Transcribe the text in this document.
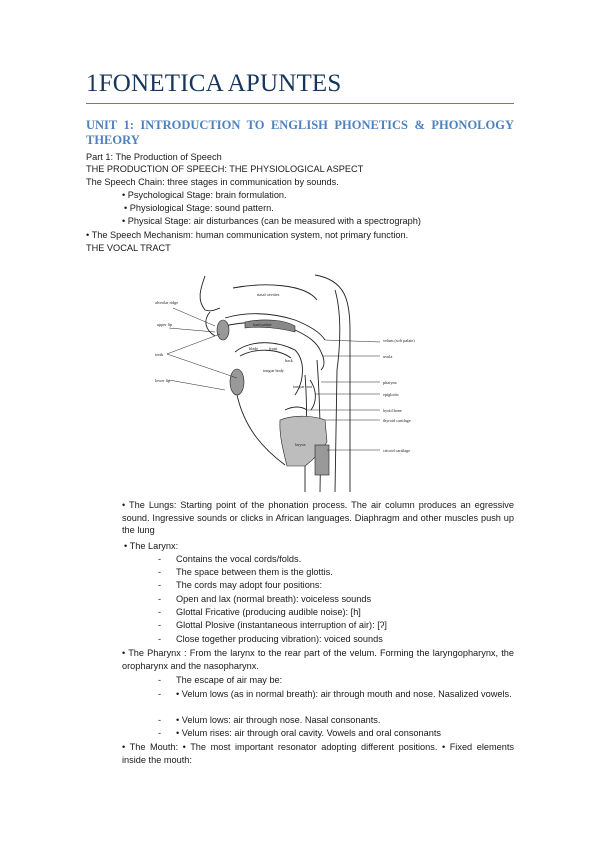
1FONETICA APUNTES
UNIT 1: INTRODUCTION TO ENGLISH PHONETICS & PHONOLOGY THEORY
Part 1: The Production of Speech
THE PRODUCTION OF SPEECH: THE PHYSIOLOGICAL ASPECT
The Speech Chain: three stages in communication by sounds.
• Psychological Stage: brain formulation.
• Physiological Stage: sound pattern.
• Physical Stage: air disturbances (can be measured with a spectrograph)
• The Speech Mechanism: human communication system, not primary function.
THE VOCAL TRACT
nasal cavities
hard palate
alveolar ridge
upper lip
teeth
lower lip
blade	front
back
tongue body
tongue root
velum (soft palate)
uvula
pharynx
epiglottis
hyoid bone
thyroid cartilage
larynx
cricoid cartilage
• The Lungs: Starting point of the phonation process. The air column produces an egressive sound. Ingressive sounds or clicks in African languages. Diaphragm and other muscles push up the lung
• The Larynx:
- Contains the vocal cords/folds.
- The space between them is the glottis.
- The cords may adopt four positions:
- Open and lax (normal breath): voiceless sounds
- Glottal Fricative (producing audible noise): [h]
- Glottal Plosive (instantaneous interruption of air): [ʔ]
- Close together producing vibration): voiced sounds
• The Pharynx : From the larynx to the rear part of the velum. Forming the laryngopharynx, the oropharynx and the nasopharynx.
- The escape of air may be:
- • Velum lows (as in normal breath): air through mouth and nose. Nasalized vowels.
- • Velum lows: air through nose. Nasal consonants.
- • Velum rises: air through oral cavity. Vowels and oral consonants
• The Mouth: • The most important resonator adopting different positions. • Fixed elements inside the mouth:
